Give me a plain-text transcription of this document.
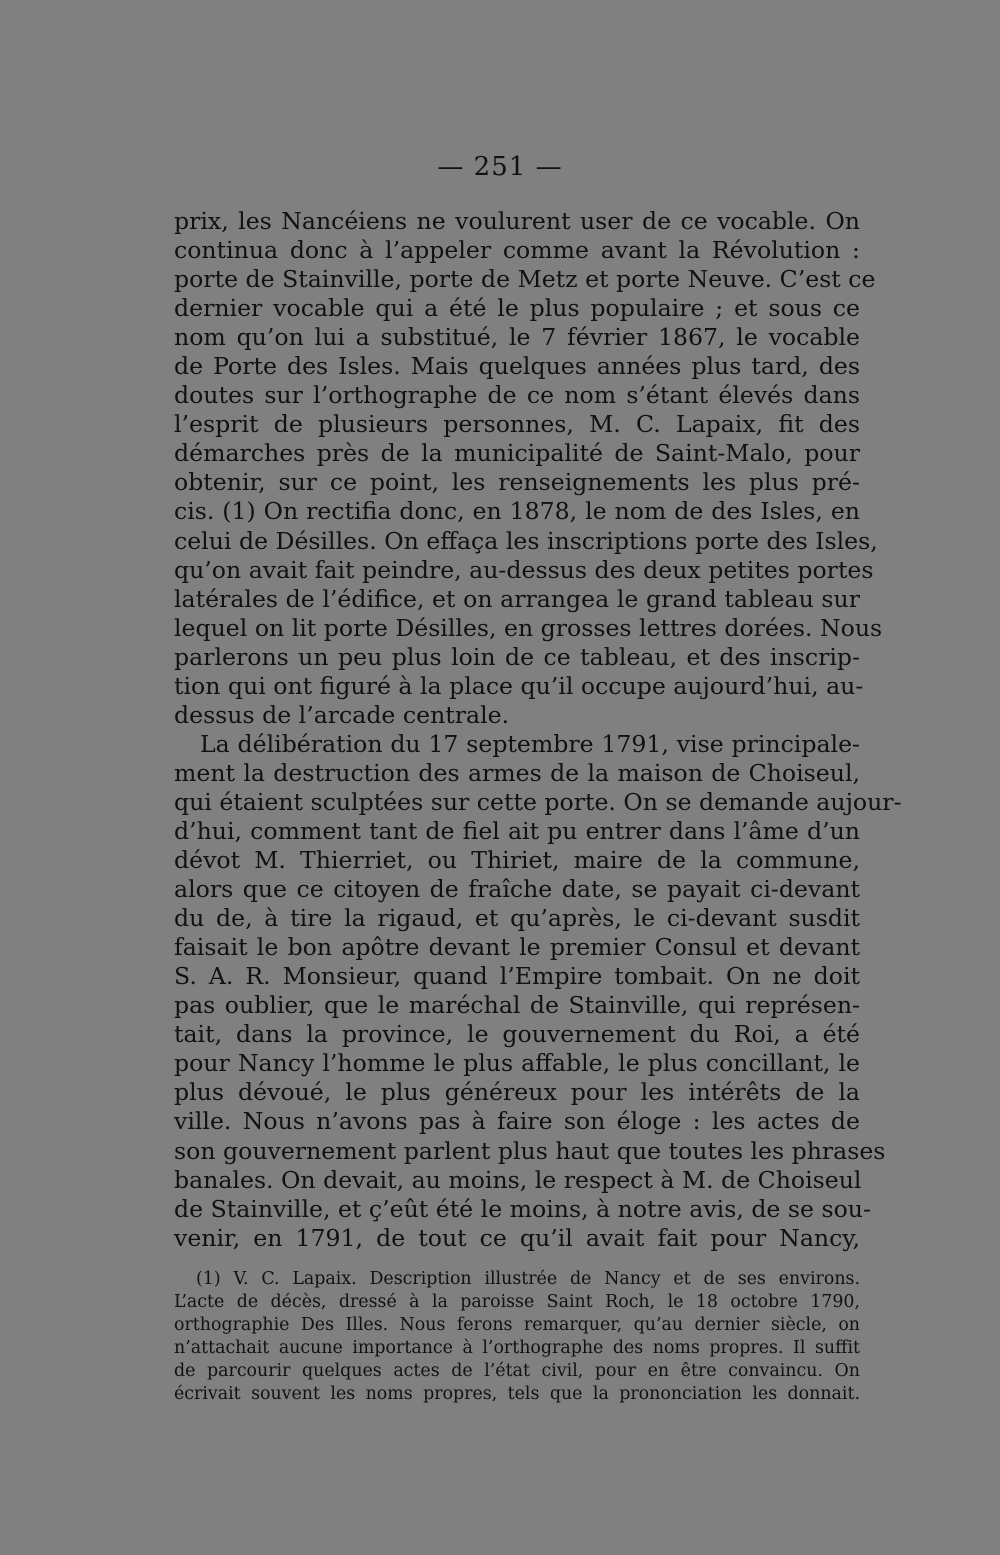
— 251 —
prix, les Nancéiens ne voulurent user de ce vocable. On
continua donc à l’appeler comme avant la Révolution :
porte de Stainville, porte de Metz et porte Neuve. C’est ce
dernier vocable qui a été le plus populaire ; et sous ce
nom qu’on lui a substitué, le 7 février 1867, le vocable
de Porte des Isles. Mais quelques années plus tard, des
doutes sur l’orthographe de ce nom s’étant élevés dans
l’esprit de plusieurs personnes, M. C. Lapaix, fit des
démarches près de la municipalité de Saint-Malo, pour
obtenir, sur ce point, les renseignements les plus pré-
cis. (1) On rectifia donc, en 1878, le nom de des Isles, en
celui de Désilles. On effaça les inscriptions porte des Isles,
qu’on avait fait peindre, au-dessus des deux petites portes
latérales de l’édifice, et on arrangea le grand tableau sur
lequel on lit porte Désilles, en grosses lettres dorées. Nous
parlerons un peu plus loin de ce tableau, et des inscrip-
tion qui ont figuré à la place qu’il occupe aujourd’hui, au-
dessus de l’arcade centrale.
La délibération du 17 septembre 1791, vise principale-
ment la destruction des armes de la maison de Choiseul,
qui étaient sculptées sur cette porte. On se demande aujour-
d’hui, comment tant de fiel ait pu entrer dans l’âme d’un
dévot M. Thierriet, ou Thiriet, maire de la commune,
alors que ce citoyen de fraîche date, se payait ci-devant
du de, à tire la rigaud, et qu’après, le ci-devant susdit
faisait le bon apôtre devant le premier Consul et devant
S. A. R. Monsieur, quand l’Empire tombait. On ne doit
pas oublier, que le maréchal de Stainville, qui représen-
tait, dans la province, le gouvernement du Roi, a été
pour Nancy l’homme le plus affable, le plus concillant, le
plus dévoué, le plus généreux pour les intérêts de la
ville. Nous n’avons pas à faire son éloge : les actes de
son gouvernement parlent plus haut que toutes les phrases
banales. On devait, au moins, le respect à M. de Choiseul
de Stainville, et ç’eût été le moins, à notre avis, de se sou-
venir, en 1791, de tout ce qu’il avait fait pour Nancy,
(1) V. C. Lapaix. Description illustrée de Nancy et de ses environs.
L’acte de décès, dressé à la paroisse Saint Roch, le 18 octobre 1790,
orthographie Des Illes. Nous ferons remarquer, qu’au dernier siècle, on
n’attachait aucune importance à l’orthographe des noms propres. Il suffit
de parcourir quelques actes de l’état civil, pour en être convaincu. On
écrivait souvent les noms propres, tels que la prononciation les donnait.
